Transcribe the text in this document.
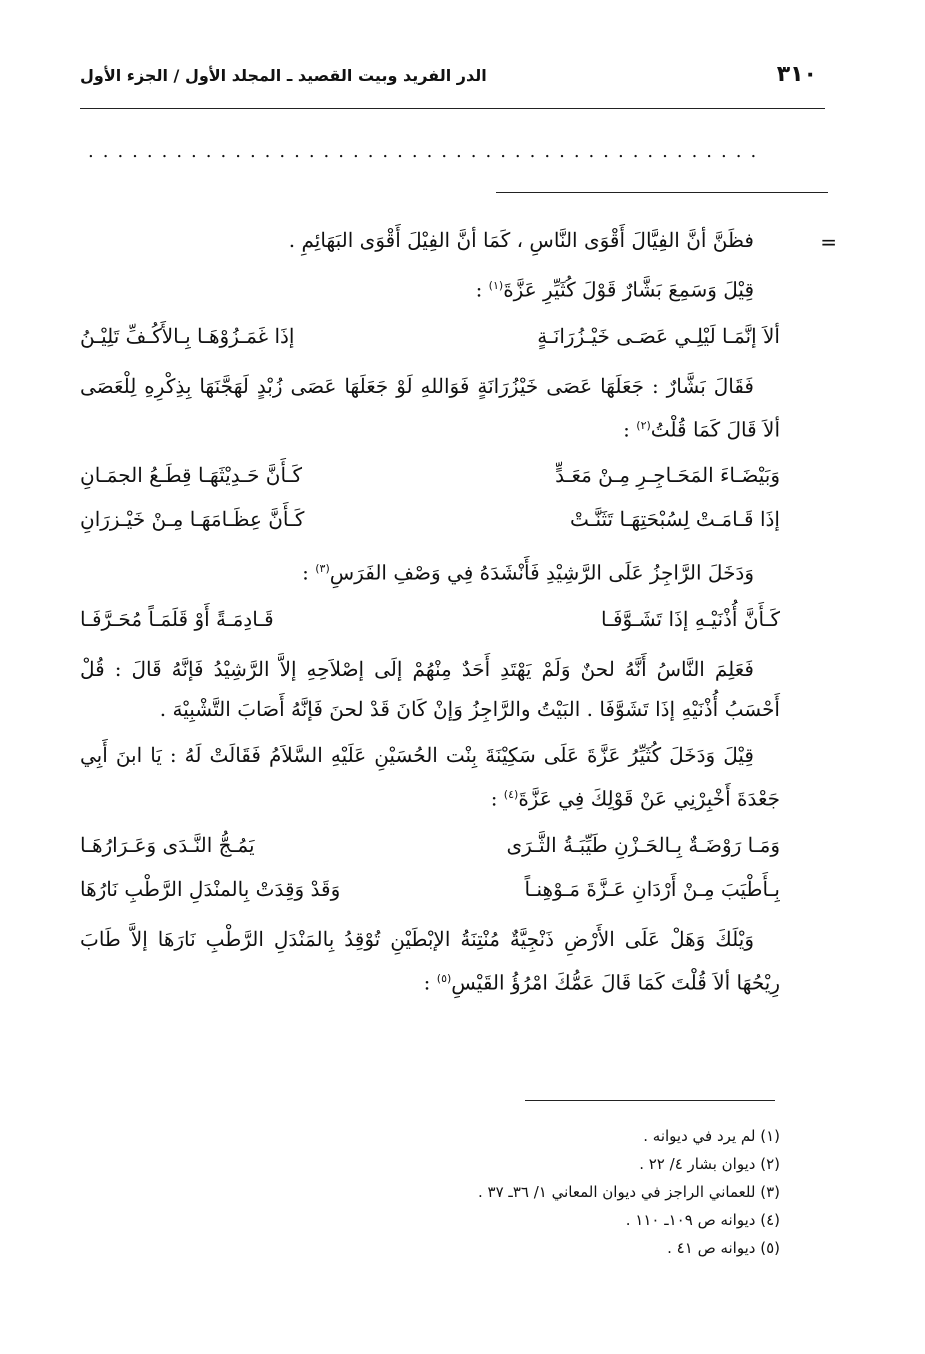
٣١٠
الدر الفريد وبيت القصيد ـ المجلد الأول / الجزء الأول
..............................................
=

فظَنَّ أنَّ الفِيَّالَ أَقْوَى النَّاسِ ، كَمَا أنَّ الفِيْلَ أَقْوَى البَهَائِمِ .

قِيْلَ وَسَمِعَ بَشَّارٌ قَوْلَ كُثَيِّرِ عَزَّةَ$^{(١)}$ :

ألاَ إنَّمَـا لَيْلِـي عَصَـى خَيْـزُرَانَـةٍ
إذَا غَمَـزُوْهَـا بِـالأَكُـفِّ تَلِيْـنُ

فَقَالَ بَشَّارٌ : جَعَلَهَا عَصَى خَيْزُرَانَةٍ فَوَاللهِ لَوْ جَعَلَهَا عَصَى زُبْدٍ لَهَجَّنَهَا بِذِكْرِهِ لِلْعَصَى ألاَ قَالَ كَمَا قُلْتُ$^{(٢)}$ :

وَبَيْضَـاءَ المَحَـاجِـرِ مِـنْ مَعَـدٍّ
كَـأَنَّ حَـدِيْثَهَـا قِطَـعُ الجمَـانِ
إذَا قَـامَـتْ لِسُبْحَتِهَـا تَثَنَّـتْ
كَـأَنَّ عِظَـامَهَـا مِـنْ خَيْـزرَانِ

وَدَخَلَ الرَّاجِزُ عَلَى الرَّشِيْدِ فَأَنْشَدَهُ فِي وَصْفِ الفَرَسِ$^{(٣)}$ :

كَـأَنَّ أُذْنَيْـهِ إذَا تَشَـوَّفَـا
قَـادِمَـةً أَوْ قَلَمَـاً مُحَـرَّفَـا

فَعَلِمَ النَّاسُ أَنَّهُ لحنٌ وَلَمْ يَهْتَدِ أَحَدٌ مِنْهُمْ إلَى إصْلاَحِهِ إلاَّ الرَّشِيْدُ فَإنَّهُ قَالَ : قُلْ أَحْسَبُ أُذْنَيْهِ إذَا تَشَوَّفَا . البَيْتُ والرَّاجِزُ وَإنْ كَانَ قَدْ لحنَ فَإنَّهُ أَصَابَ التَّشْبِيْهَ .

قِيْلَ وَدَخَلَ كُثَيِّرُ عَزَّةَ عَلَى سَكِيْنَةَ بِنْت الحُسَيْنِ عَلَيْهِ السَّلاَمُ فَقَالَتْ لَهُ : يَا ابنَ أَبِي جَعْدَةَ أَخْبِرْنِي عَنْ قَوْلِكَ فِي عَزَّةَ$^{(٤)}$ :

وَمَـا رَوْضَـةٌ بِـالحَـزْنِ طَيِّبَـةُ الثَّـرَى
يَمُـجُّ النَّـدَى وَعَـرَارُهَـا
بِـأَطْيَبَ مِـنْ أَرْدَانِ عَـزَّةَ مَـوْهِنـاً
وَقَدْ وَقِدَتْ بِالمنْدَلِ الرَّطْبِ نَارُهَا

وَيْلَكَ وَهَلْ عَلَى الأَرْضِ ذَنْجِيَّةٌ مُنْتِنَةُ الإبْطَيْنِ تُوْقِدُ بِالمَنْدَلِ الرَّطْبِ نَارَهَا إلاَّ طَابَ رِيْحُهَا ألاَ قُلْتَ كَمَا قَالَ عَمُّكَ امْرُؤُ القَيْسِ$^{(٥)}$ :

(١) لم يرد في ديوانه .
(٢) ديوان بشار ٤/ ٢٢ .
(٣) للعماني الراجز في ديوان المعاني ١/ ٣٦ـ ٣٧ .
(٤) ديوانه ص ١٠٩ـ ١١٠ .
(٥) ديوانه ص ٤١ .
